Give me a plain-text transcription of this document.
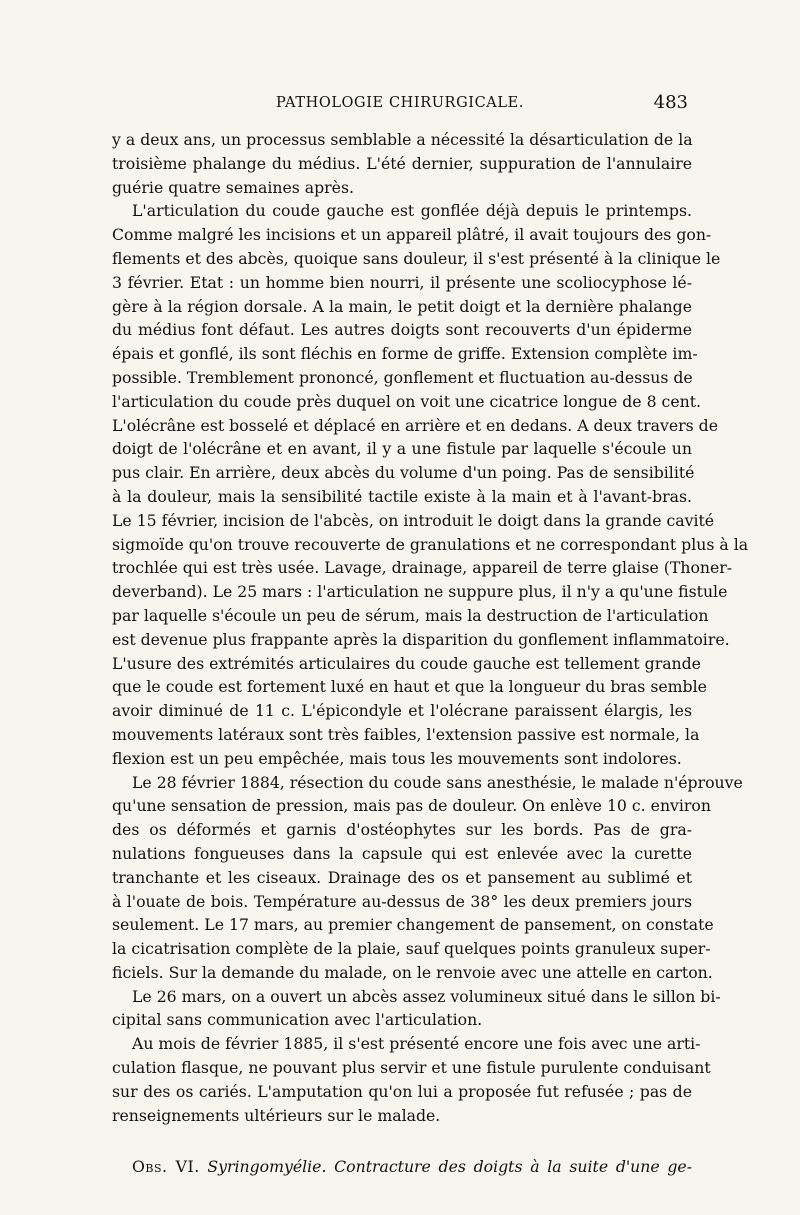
PATHOLOGIE CHIRURGICALE.	483
y a deux ans, un processus semblable a nécessité la désarticulation de la
troisième phalange du médius. L'été dernier, suppuration de l'annulaire
guérie quatre semaines après.
L'articulation du coude gauche est gonflée déjà depuis le printemps.
Comme malgré les incisions et un appareil plâtré, il avait toujours des gon-
flements et des abcès, quoique sans douleur, il s'est présenté à la clinique le
3 février. Etat : un homme bien nourri, il présente une scoliocyphose lé-
gère à la région dorsale. A la main, le petit doigt et la dernière phalange
du médius font défaut. Les autres doigts sont recouverts d'un épiderme
épais et gonflé, ils sont fléchis en forme de griffe. Extension complète im-
possible. Tremblement prononcé, gonflement et fluctuation au-dessus de
l'articulation du coude près duquel on voit une cicatrice longue de 8 cent.
L'olécrâne est bosselé et déplacé en arrière et en dedans. A deux travers de
doigt de l'olécrâne et en avant, il y a une fistule par laquelle s'écoule un
pus clair. En arrière, deux abcès du volume d'un poing. Pas de sensibilité
à la douleur, mais la sensibilité tactile existe à la main et à l'avant-bras.
Le 15 février, incision de l'abcès, on introduit le doigt dans la grande cavité
sigmoïde qu'on trouve recouverte de granulations et ne correspondant plus à la
trochlée qui est très usée. Lavage, drainage, appareil de terre glaise (Thoner-
deverband). Le 25 mars : l'articulation ne suppure plus, il n'y a qu'une fistule
par laquelle s'écoule un peu de sérum, mais la destruction de l'articulation
est devenue plus frappante après la disparition du gonflement inflammatoire.
L'usure des extrémités articulaires du coude gauche est tellement grande
que le coude est fortement luxé en haut et que la longueur du bras semble
avoir diminué de 11 c. L'épicondyle et l'olécrane paraissent élargis, les
mouvements latéraux sont très faibles, l'extension passive est normale, la
flexion est un peu empêchée, mais tous les mouvements sont indolores.
Le 28 février 1884, résection du coude sans anesthésie, le malade n'éprouve
qu'une sensation de pression, mais pas de douleur. On enlève 10 c. environ
des os déformés et garnis d'ostéophytes sur les bords. Pas de gra-
nulations fongueuses dans la capsule qui est enlevée avec la curette
tranchante et les ciseaux. Drainage des os et pansement au sublimé et
à l'ouate de bois. Température au-dessus de 38° les deux premiers jours
seulement. Le 17 mars, au premier changement de pansement, on constate
la cicatrisation complète de la plaie, sauf quelques points granuleux super-
ficiels. Sur la demande du malade, on le renvoie avec une attelle en carton.
Le 26 mars, on a ouvert un abcès assez volumineux situé dans le sillon bi-
cipital sans communication avec l'articulation.
Au mois de février 1885, il s'est présenté encore une fois avec une arti-
culation flasque, ne pouvant plus servir et une fistule purulente conduisant
sur des os cariés. L'amputation qu'on lui a proposée fut refusée ; pas de
renseignements ultérieurs sur le malade.
Obs. VI. Syringomyélie. Contracture des doigts à la suite d'une ge-
